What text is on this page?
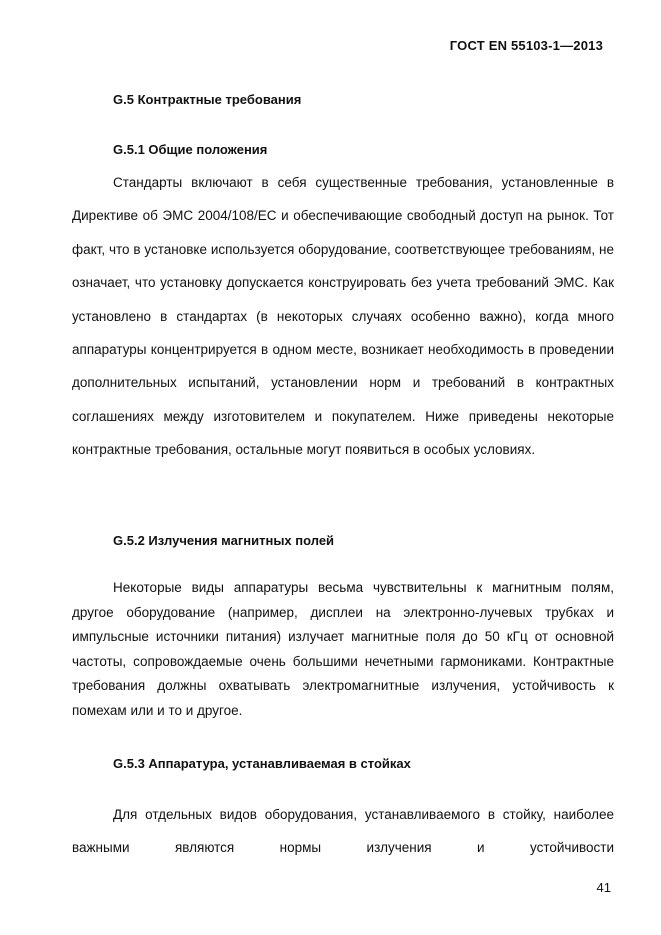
ГОСТ EN 55103-1—2013
G.5 Контрактные требования
G.5.1 Общие положения

Стандарты включают в себя существенные требования, установленные в Директиве об ЭМС 2004/108/ЕС и обеспечивающие свободный доступ на рынок. Тот факт, что в установке используется оборудование, соответствующее требованиям, не означает, что установку допускается конструировать без учета требований ЭМС. Как установлено в стандартах (в некоторых случаях особенно важно), когда много аппаратуры концентрируется в одном месте, возникает необходимость в проведении дополнительных испытаний, установлении норм и требований в контрактных соглашениях между изготовителем и покупателем. Ниже приведены некоторые контрактные требования, остальные могут появиться в особых условиях.

G.5.2 Излучения магнитных полей

Некоторые виды аппаратуры весьма чувствительны к магнитным полям, другое оборудование (например, дисплеи на электронно-лучевых трубках и импульсные источники питания) излучает магнитные поля до 50 кГц от основной частоты, сопровождаемые очень большими нечетными гармониками. Контрактные требования должны охватывать электромагнитные излучения, устойчивость к помехам или и то и другое.

G.5.3 Аппаратура, устанавливаемая в стойках

Для отдельных видов оборудования, устанавливаемого в стойку, наиболее важными являются нормы излучения и устойчивости

41
